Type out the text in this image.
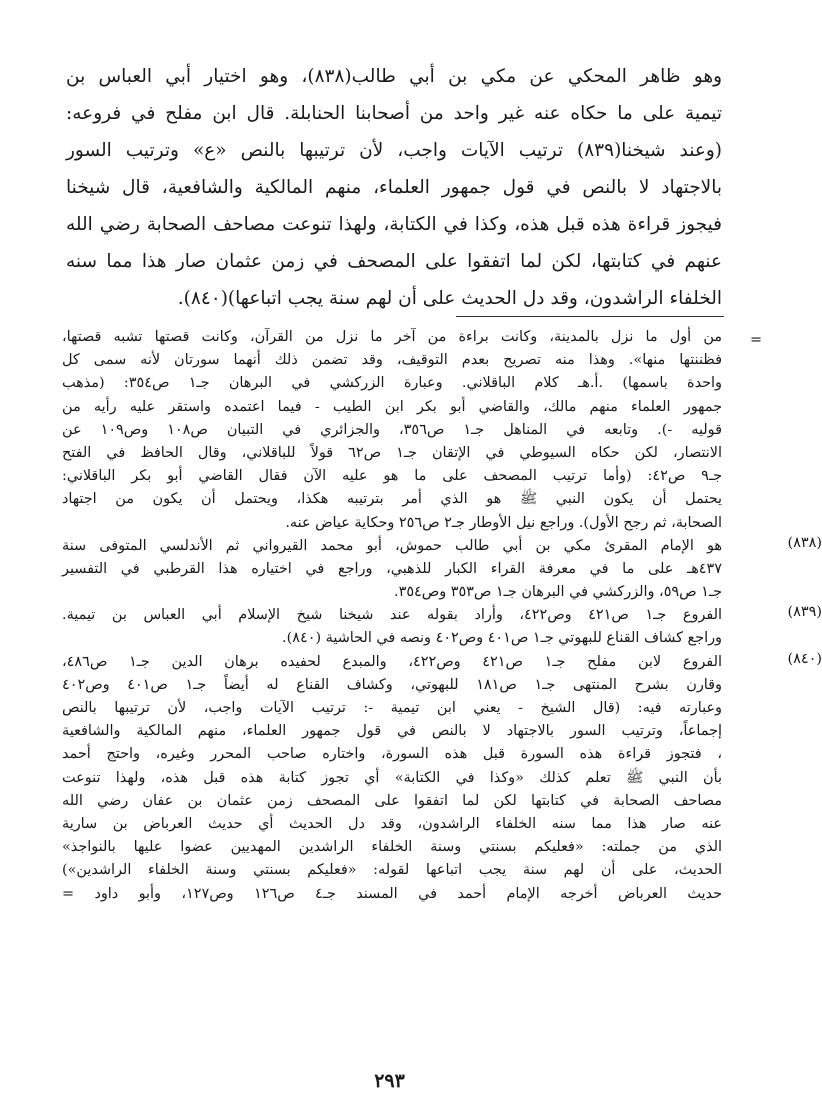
وهو ظاهر المحكي عن مكي بن أبي طالب(٨٣٨)، وهو اختيار أبي العباس بن
تيمية على ما حكاه عنه غير واحد من أصحابنا الحنابلة. قال ابن مفلح في فروعه:
(وعند شيخنا(٨٣٩) ترتيب الآيات واجب، لأن ترتيبها بالنص «ع» وترتيب السور
بالاجتهاد لا بالنص في قول جمهور العلماء، منهم المالكية والشافعية، قال شيخنا
فيجوز قراءة هذه قبل هذه، وكذا في الكتابة، ولهذا تنوعت مصاحف الصحابة رضي الله
عنهم في كتابتها، لكن لما اتفقوا على المصحف في زمن عثمان صار هذا مما سنه
الخلفاء الراشدون، وقد دل الحديث على أن لهم سنة يجب اتباعها)(٨٤٠).
=
من أول ما نزل بالمدينة، وكانت براءة من آخر ما نزل من القرآن، وكانت قصتها تشبه قصتها،
فظننتها منها». وهذا منه تصريح بعدم التوقيف، وقد تضمن ذلك أنهما سورتان لأنه سمى كل
واحدة باسمها) .أ.هـ كلام الباقلاني. وعبارة الزركشي في البرهان جـ١ ص٣٥٤: (مذهب
جمهور العلماء منهم مالك، والقاضي أبو بكر ابن الطيب - فيما اعتمده واستقر عليه رأيه من
قوليه -). وتابعه في المناهل جـ١ ص٣٥٦، والجزائري في التبيان ص١٠٨ وص١٠٩ عن
الانتصار، لكن حكاه السيوطي في الإتقان جـ١ ص٦٢ قولاً للباقلاني، وقال الحافظ في الفتح
جـ٩ ص٤٢: (وأما ترتيب المصحف على ما هو عليه الآن فقال القاضي أبو بكر الباقلاني:
يحتمل أن يكون النبي ﷺ هو الذي أمر بترتيبه هكذا، ويحتمل أن يكون من اجتهاد
الصحابة، ثم رجح الأول). وراجع نيل الأوطار جـ٢ ص٢٥٦ وحكاية عياض عنه.
(٨٣٨)
هو الإمام المقرئ مكي بن أبي طالب حموش، أبو محمد القيرواني ثم الأندلسي المتوفى سنة
٤٣٧هـ على ما في معرفة القراء الكبار للذهبي، وراجع في اختياره هذا القرطبي في التفسير
جـ١ ص٥٩، والزركشي في البرهان جـ١ ص٣٥٣ وص٣٥٤.
(٨٣٩)
الفروع جـ١ ص٤٢١ وص٤٢٢، وأراد بقوله عند شيخنا شيخ الإسلام أبي العباس بن تيمية.
وراجع كشاف القناع للبهوتي جـ١ ص٤٠١ وص٤٠٢ ونصه في الحاشية (٨٤٠).
(٨٤٠)
الفروع لابن مفلح جـ١ ص٤٢١ وص٤٢٢، والمبدع لحفيده برهان الدين جـ١ ص٤٨٦،
وقارن بشرح المنتهى جـ١ ص١٨١ للبهوتي، وكشاف القناع له أيضاً جـ١ ص٤٠١ وص٤٠٢
وعبارته فيه: (قال الشيخ - يعني ابن تيمية -: ترتيب الآيات واجب، لأن ترتيبها بالنص
إجماعاً، وترتيب السور بالاجتهاد لا بالنص في قول جمهور العلماء، منهم المالكية والشافعية
، فتجوز قراءة هذه السورة قبل هذه السورة، واختاره صاحب المحرر وغيره، واحتج أحمد
بأن النبي ﷺ تعلم كذلك «وكذا في الكتابة» أي تجوز كتابة هذه قبل هذه، ولهذا تنوعت
مصاحف الصحابة في كتابتها لكن لما اتفقوا على المصحف زمن عثمان بن عفان رضي الله
عنه صار هذا مما سنه الخلفاء الراشدون، وقد دل الحديث أي حديث العرباض بن سارية
الذي من جملته: «فعليكم بسنتي وسنة الخلفاء الراشدين المهديين عضوا عليها بالنواجذ»
الحديث، على أن لهم سنة يجب اتباعها لقوله: «فعليكم بسنتي وسنة الخلفاء الراشدين»)
حديث العرباض أخرجه الإمام أحمد في المسند جـ٤ ص١٢٦ وص١٢٧، وأبو داود =
٢٩٣
